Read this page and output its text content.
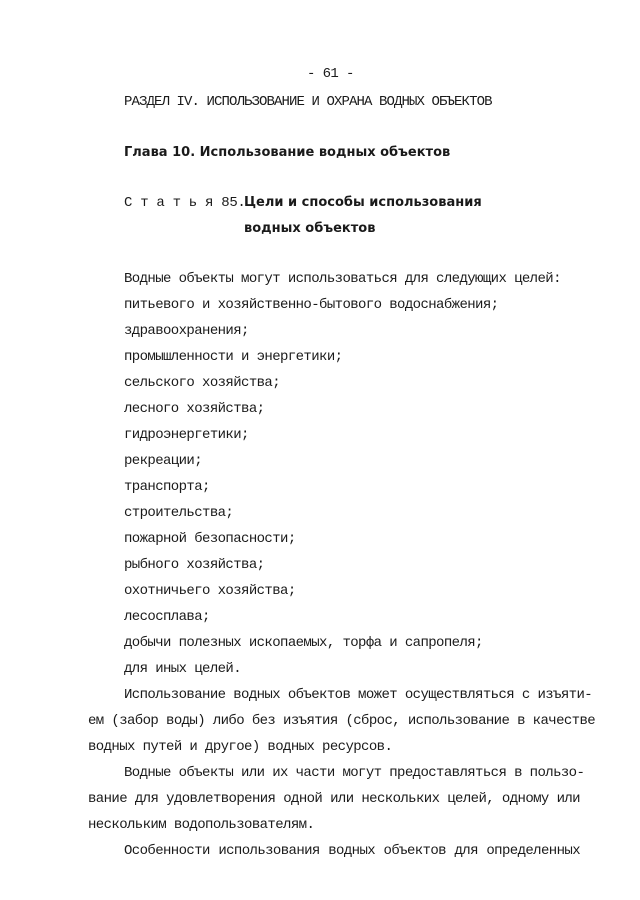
- 61 -
РАЗДЕЛ IV. ИСПОЛЬЗОВАНИЕ И ОХРАНА ВОДНЫХ ОБЪЕКТОВ
Глава 10. Использование водных объектов
С т а т ь я 85.
Цели и способы использования
водных объектов
Водные объекты могут использоваться для следующих целей:
питьевого и хозяйственно-бытового водоснабжения;
здравоохранения;
промышленности и энергетики;
сельского хозяйства;
лесного хозяйства;
гидроэнергетики;
рекреации;
транспорта;
строительства;
пожарной безопасности;
рыбного хозяйства;
охотничьего хозяйства;
лесосплава;
добычи полезных ископаемых, торфа и сапропеля;
для иных целей.
Использование водных объектов может осуществляться с изъяти-
ем (забор воды) либо без изъятия (сброс, использование в качестве
водных путей и другое) водных ресурсов.
Водные объекты или их части могут предоставляться в пользо-
вание для удовлетворения одной или нескольких целей, одному или
нескольким водопользователям.
Особенности использования водных объектов для определенных
